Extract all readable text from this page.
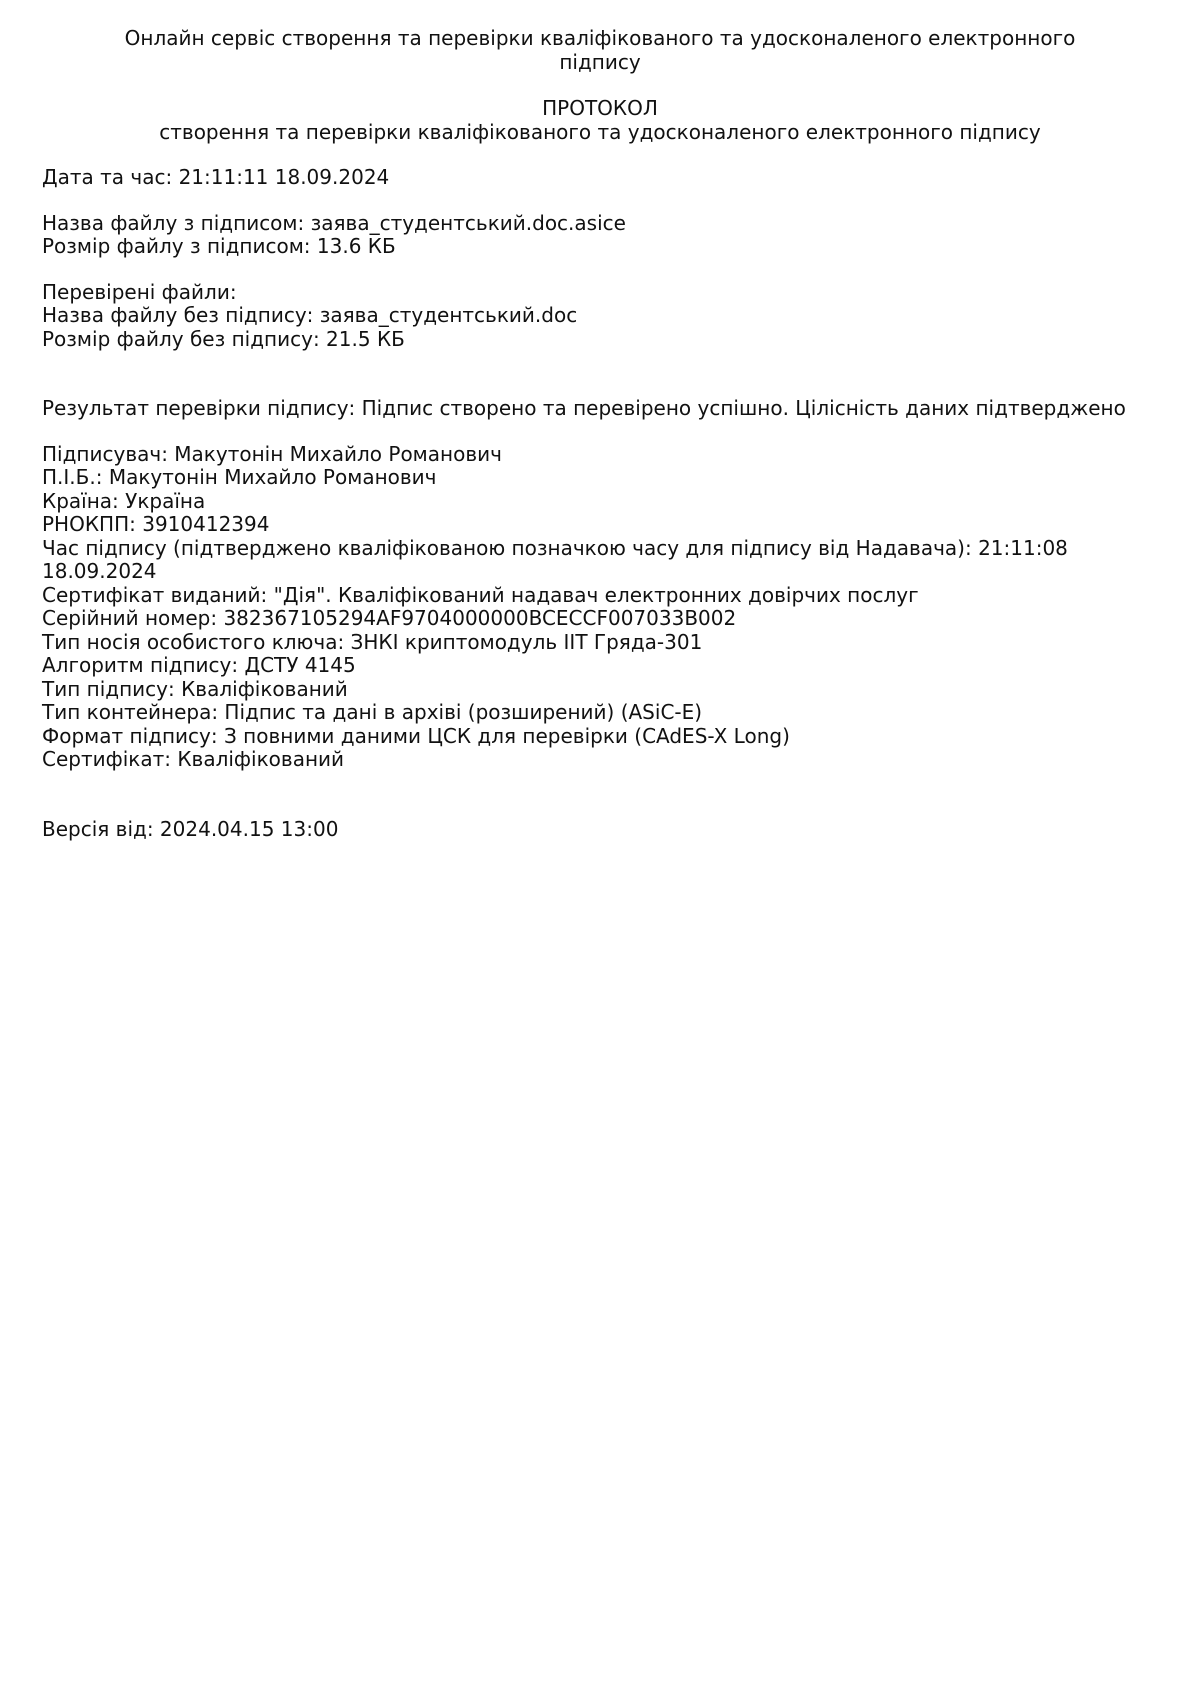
Онлайн сервіс створення та перевірки кваліфікованого та удосконаленого електронного підпису
ПРОТОКОЛ
створення та перевірки кваліфікованого та удосконаленого електронного підпису

Дата та час: 21:11:11 18.09.2024

Назва файлу з підписом: заява_студентський.doc.asice

Розмір файлу з підписом: 13.6 КБ

Перевірені файли:

Назва файлу без підпису: заява_студентський.doc

Розмір файлу без підпису: 21.5 КБ

Результат перевірки підпису: Підпис створено та перевірено успішно. Цілісність даних підтверджено

Підписувач: Макутонін Михайло Романович

П.І.Б.: Макутонін Михайло Романович

Країна: Україна

РНОКПП: 3910412394

Час підпису (підтверджено кваліфікованою позначкою часу для підпису від Надавача): 21:11:08 18.09.2024

Сертифікат виданий: "Дія". Кваліфікований надавач електронних довірчих послуг

Серійний номер: 382367105294AF9704000000BCECCF007033B002

Тип носія особистого ключа: ЗНКІ криптомодуль ІІТ Гряда-301

Алгоритм підпису: ДСТУ 4145

Тип підпису: Кваліфікований

Тип контейнера: Підпис та дані в архіві (розширений) (ASiC-E)

Формат підпису: З повними даними ЦСК для перевірки (CAdES-X Long)

Сертифікат: Кваліфікований

Версія від: 2024.04.15 13:00
